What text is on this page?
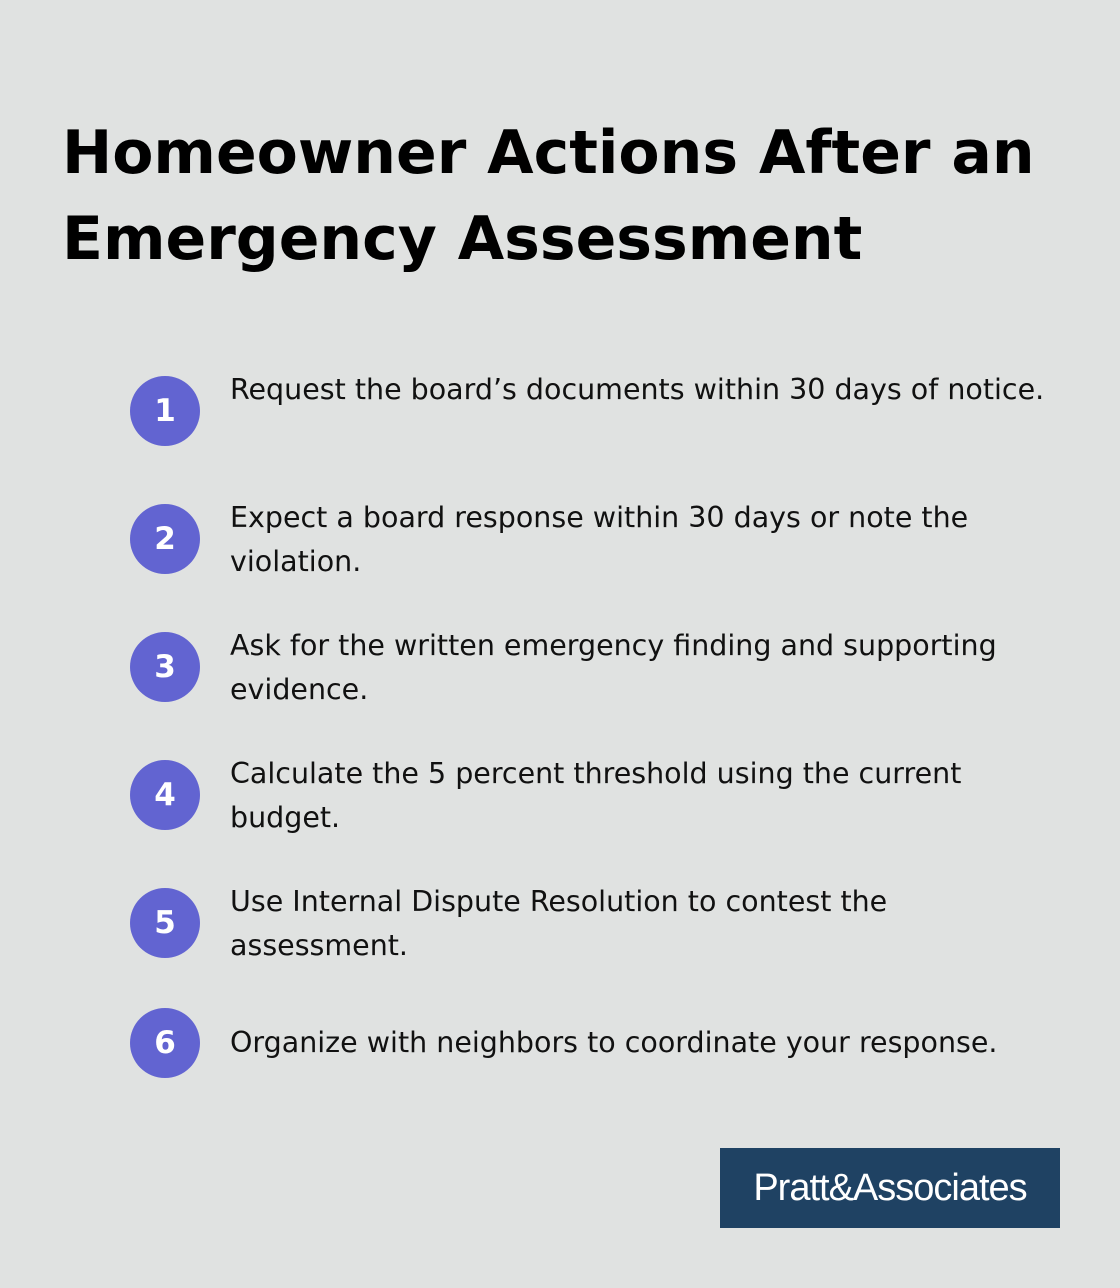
Homeowner Actions After an Emergency Assessment
1
Request the board’s documents within 30 days of notice.
2
Expect a board response within 30 days or note the violation.
3
Ask for the written emergency finding and supporting evidence.
4
Calculate the 5 percent threshold using the current budget.
5
Use Internal Dispute Resolution to contest the assessment.
6	Organize with neighbors to coordinate your response.
Pratt&Associates
